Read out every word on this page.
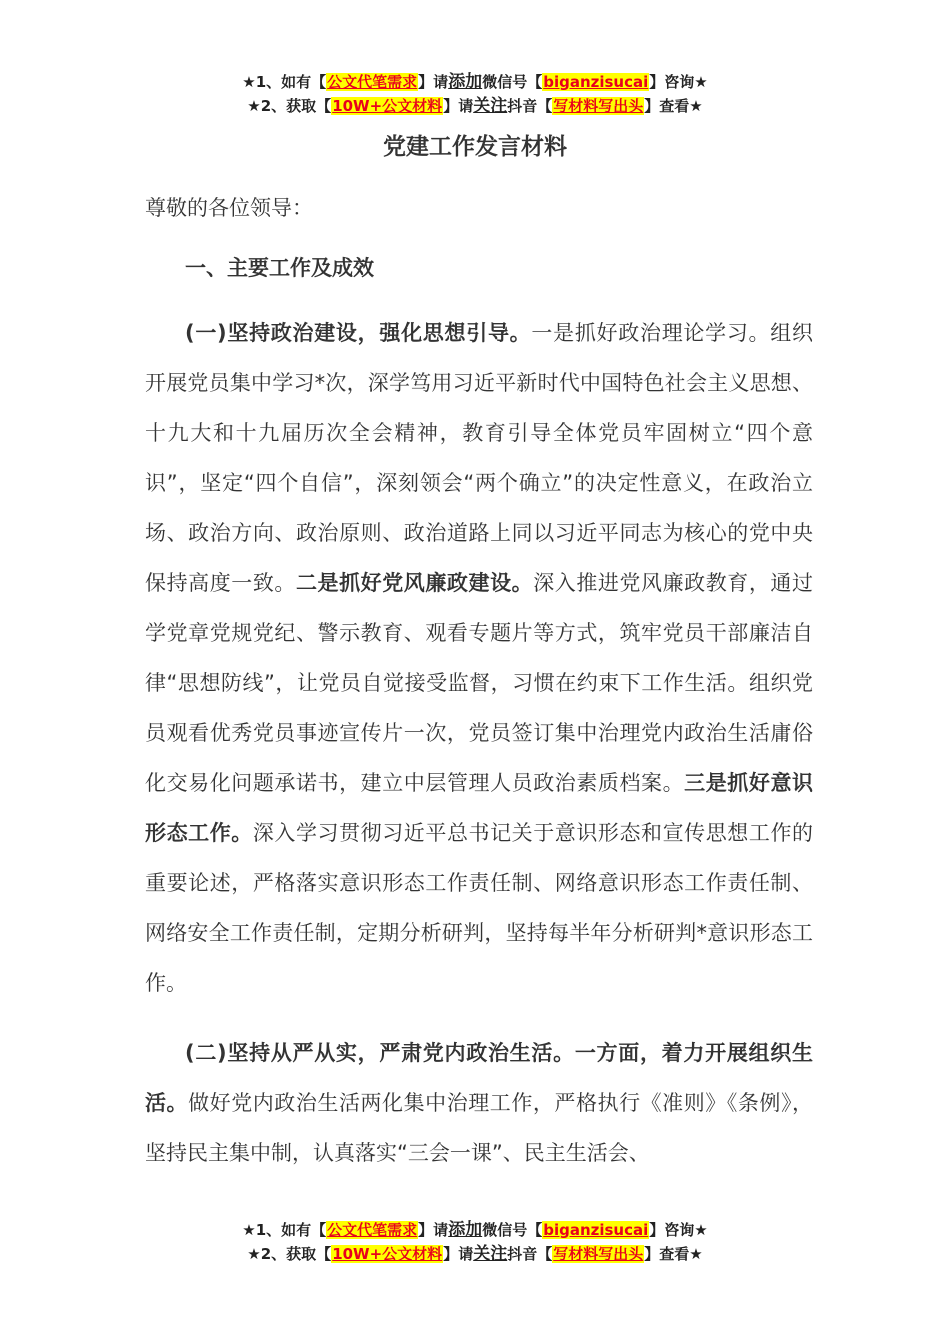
★1、如有【公文代笔需求】请添加微信号【biganzisucai】咨询★
★2、获取【10W+公文材料】请关注抖音【写材料写出头】查看★
党建工作发言材料

尊敬的各位领导：

一、主要工作及成效

(一)坚持政治建设，强化思想引导。一是抓好政治理论学习。组织开展党员集中学习*次，深学笃用习近平新时代中国特色社会主义思想、十九大和十九届历次全会精神，教育引导全体党员牢固树立“四个意识”，坚定“四个自信”，深刻领会“两个确立”的决定性意义，在政治立场、政治方向、政治原则、政治道路上同以习近平同志为核心的党中央保持高度一致。二是抓好党风廉政建设。深入推进党风廉政教育，通过学党章党规党纪、警示教育、观看专题片等方式，筑牢党员干部廉洁自律“思想防线”，让党员自觉接受监督，习惯在约束下工作生活。组织党员观看优秀党员事迹宣传片一次，党员签订集中治理党内政治生活庸俗化交易化问题承诺书，建立中层管理人员政治素质档案。三是抓好意识形态工作。深入学习贯彻习近平总书记关于意识形态和宣传思想工作的重要论述，严格落实意识形态工作责任制、网络意识形态工作责任制、网络安全工作责任制，定期分析研判，坚持每半年分析研判*意识形态工作。

(二)坚持从严从实，严肃党内政治生活。一方面，着力开展组织生活。做好党内政治生活两化集中治理工作，严格执行《准则》《条例》，坚持民主集中制，认真落实“三会一课”、民主生活会、

★1、如有【公文代笔需求】请添加微信号【biganzisucai】咨询★
★2、获取【10W+公文材料】请关注抖音【写材料写出头】查看★
